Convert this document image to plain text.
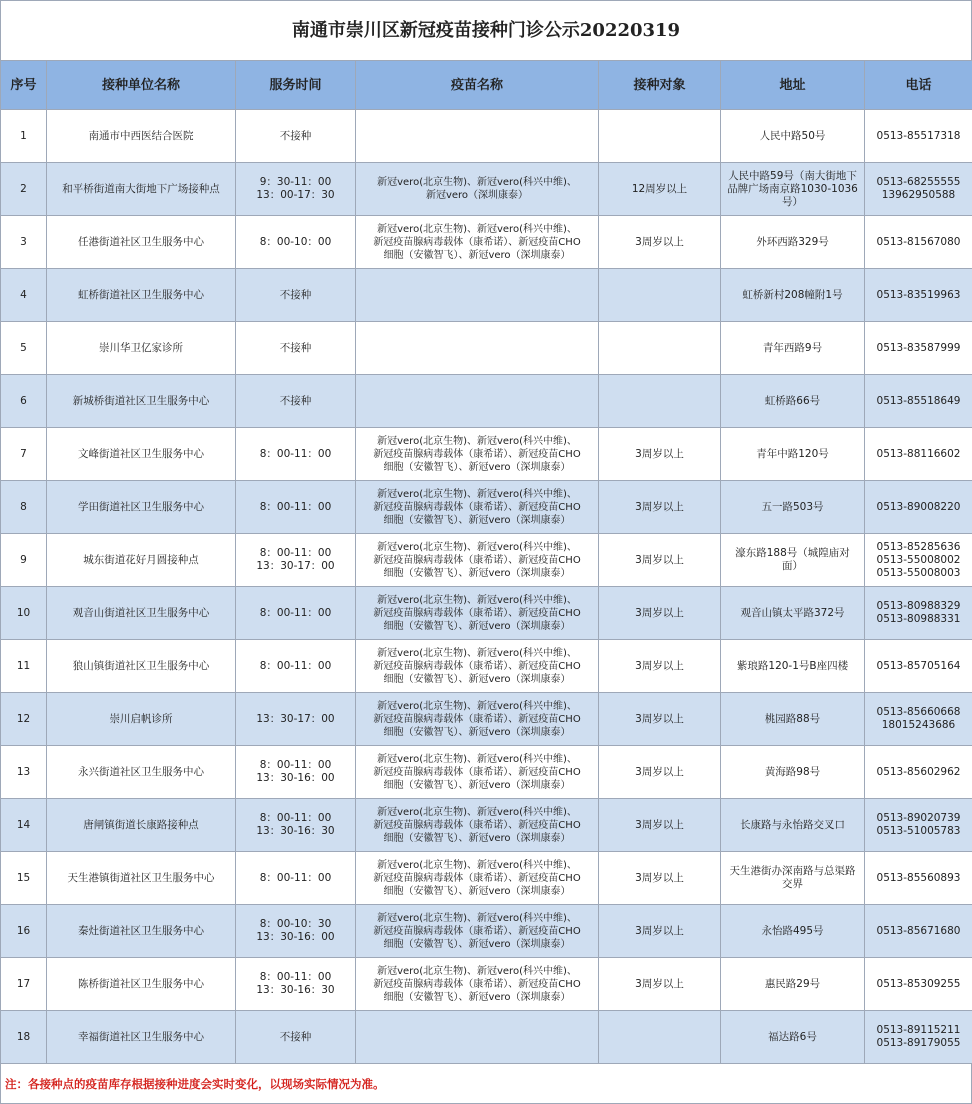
南通市崇川区新冠疫苗接种门诊公示20220319
序号	接种单位名称	服务时间	疫苗名称	接种对象	地址	电话
1	南通市中西医结合医院	不接种			人民中路50号	0513-85517318

2	和平桥街道南大街地下广场接种点	9：30-11：00
13：00-17：30	新冠vero(北京生物)、新冠vero(科兴中维)、
新冠vero（深圳康泰）	12周岁以上	人民中路59号（南大街地下
品牌广场南京路1030-1036
号）	0513-68255555
13962950588

3	任港街道社区卫生服务中心	8：00-10：00	新冠vero(北京生物)、新冠vero(科兴中维)、
新冠疫苗腺病毒载体（康希诺）、新冠疫苗CHO
细胞（安徽智飞）、新冠vero（深圳康泰）	3周岁以上	外环西路329号	0513-81567080

4	虹桥街道社区卫生服务中心	不接种			虹桥新村208幢附1号	0513-83519963

5	崇川华卫亿家诊所	不接种			青年西路9号	0513-83587999

6	新城桥街道社区卫生服务中心	不接种			虹桥路66号	0513-85518649

7	文峰街道社区卫生服务中心	8：00-11：00	新冠vero(北京生物)、新冠vero(科兴中维)、
新冠疫苗腺病毒载体（康希诺）、新冠疫苗CHO
细胞（安徽智飞）、新冠vero（深圳康泰）	3周岁以上	青年中路120号	0513-88116602

8	学田街道社区卫生服务中心	8：00-11：00	新冠vero(北京生物)、新冠vero(科兴中维)、
新冠疫苗腺病毒载体（康希诺）、新冠疫苗CHO
细胞（安徽智飞）、新冠vero（深圳康泰）	3周岁以上	五一路503号	0513-89008220

9	城东街道花好月圆接种点	8：00-11：00
13：30-17：00	新冠vero(北京生物)、新冠vero(科兴中维)、
新冠疫苗腺病毒载体（康希诺）、新冠疫苗CHO
细胞（安徽智飞）、新冠vero（深圳康泰）	3周岁以上	濠东路188号（城隍庙对
面）	0513-85285636
0513-55008002
0513-55008003

10	观音山街道社区卫生服务中心	8：00-11：00	新冠vero(北京生物)、新冠vero(科兴中维)、
新冠疫苗腺病毒载体（康希诺）、新冠疫苗CHO
细胞（安徽智飞）、新冠vero（深圳康泰）	3周岁以上	观音山镇太平路372号	0513-80988329
0513-80988331

11	狼山镇街道社区卫生服务中心	8：00-11：00	新冠vero(北京生物)、新冠vero(科兴中维)、
新冠疫苗腺病毒载体（康希诺）、新冠疫苗CHO
细胞（安徽智飞）、新冠vero（深圳康泰）	3周岁以上	紫琅路120-1号B座四楼	0513-85705164

12	崇川启帆诊所	13：30-17：00	新冠vero(北京生物)、新冠vero(科兴中维)、
新冠疫苗腺病毒载体（康希诺）、新冠疫苗CHO
细胞（安徽智飞）、新冠vero（深圳康泰）	3周岁以上	桃园路88号	0513-85660668
18015243686

13	永兴街道社区卫生服务中心	8：00-11：00
13：30-16：00	新冠vero(北京生物)、新冠vero(科兴中维)、
新冠疫苗腺病毒载体（康希诺）、新冠疫苗CHO
细胞（安徽智飞）、新冠vero（深圳康泰）	3周岁以上	黄海路98号	0513-85602962

14	唐闸镇街道长康路接种点	8：00-11：00
13：30-16：30	新冠vero(北京生物)、新冠vero(科兴中维)、
新冠疫苗腺病毒载体（康希诺）、新冠疫苗CHO
细胞（安徽智飞）、新冠vero（深圳康泰）	3周岁以上	长康路与永怡路交叉口	0513-89020739
0513-51005783

15	天生港镇街道社区卫生服务中心	8：00-11：00	新冠vero(北京生物)、新冠vero(科兴中维)、
新冠疫苗腺病毒载体（康希诺）、新冠疫苗CHO
细胞（安徽智飞）、新冠vero（深圳康泰）	3周岁以上	天生港街办深南路与总渠路
交界	0513-85560893

16	秦灶街道社区卫生服务中心	8：00-10：30
13：30-16：00	新冠vero(北京生物)、新冠vero(科兴中维)、
新冠疫苗腺病毒载体（康希诺）、新冠疫苗CHO
细胞（安徽智飞）、新冠vero（深圳康泰）	3周岁以上	永怡路495号	0513-85671680

17	陈桥街道社区卫生服务中心	8：00-11：00
13：30-16：30	新冠vero(北京生物)、新冠vero(科兴中维)、
新冠疫苗腺病毒载体（康希诺）、新冠疫苗CHO
细胞（安徽智飞）、新冠vero（深圳康泰）	3周岁以上	惠民路29号	0513-85309255

18	幸福街道社区卫生服务中心	不接种			福达路6号	0513-89115211
0513-89179055
注：各接种点的疫苗库存根据接种进度会实时变化，以现场实际情况为准。
